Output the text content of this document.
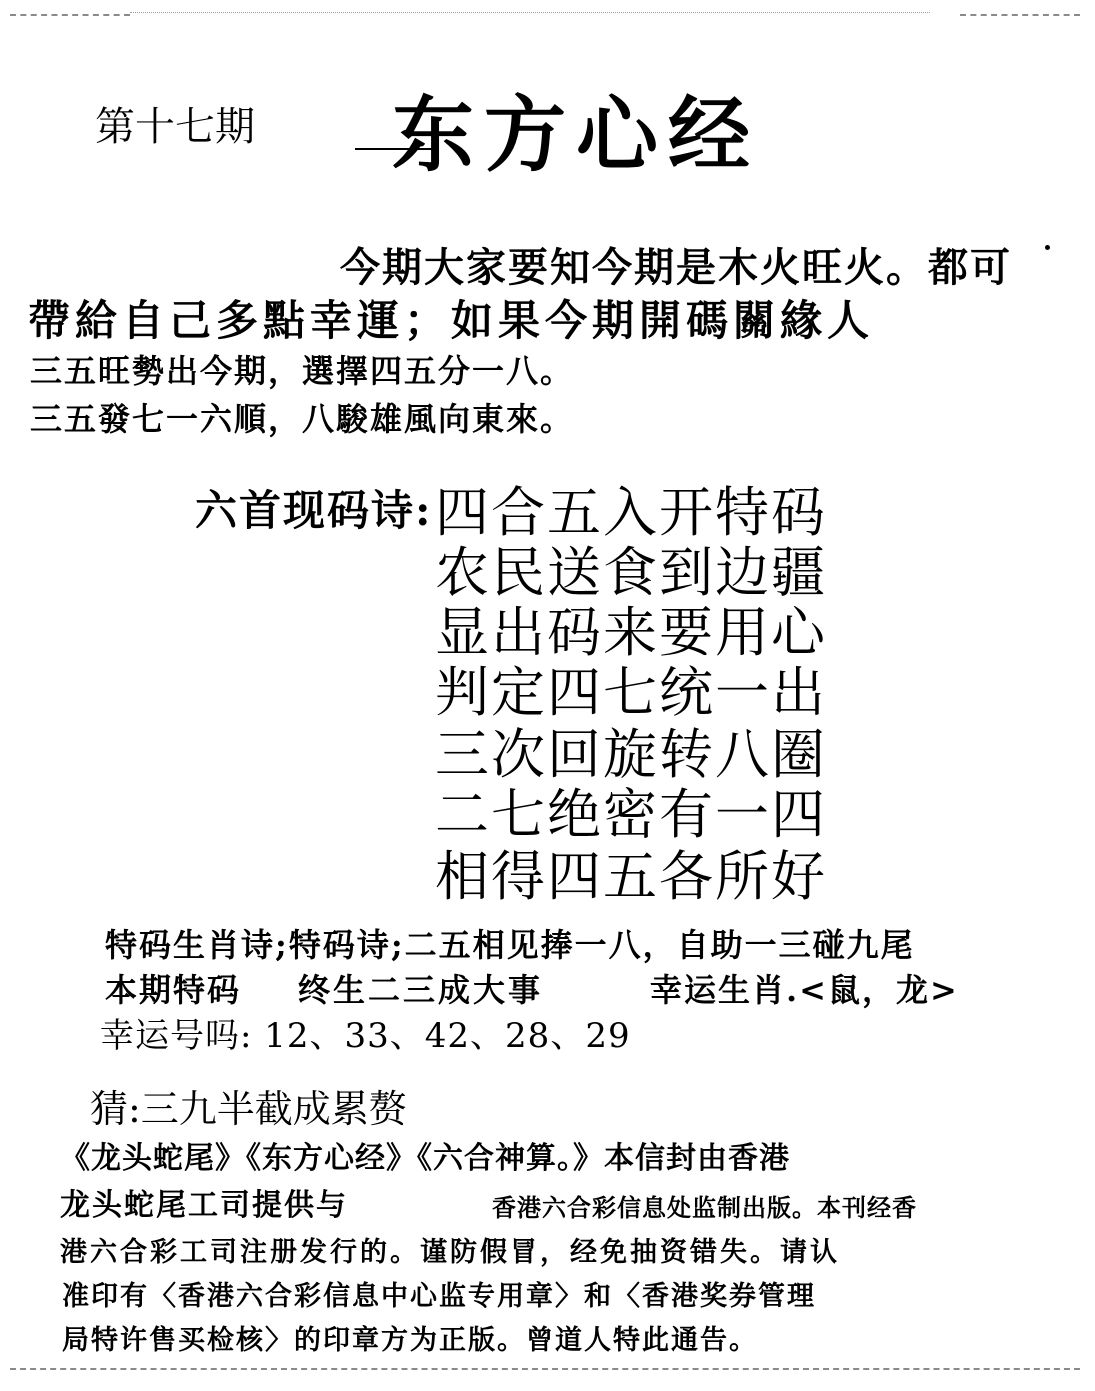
第十七期 东方心经
今期大家要知今期是木火旺火。都可
帶給自己多點幸運；如果今期開碼關緣人
三五旺勢出今期，選擇四五分一八。
三五發七一六順，八駿雄風向東來。
六首现码诗: 四合五入开特码
农民送食到边疆
显出码来要用心
判定四七统一出
三次回旋转八圈
二七绝密有一四
相得四五各所好
特码生肖诗;特码诗;二五相见捧一八，自助一三碰九尾
本期特码 终生二三成大事	幸运生肖.<鼠，龙>
幸运号吗: 12、33、42、28、29
猜:三九半截成累赘
《龙头蛇尾》《东方心经》《六合神算。》本信封由香港
龙头蛇尾工司提供与	香港六合彩信息处监制出版。本刊经香
港六合彩工司注册发行的。谨防假冒，经免抽资错失。请认
准印有〈香港六合彩信息中心监专用章〉和〈香港奖券管理
局特许售买检核〉的印章方为正版。曾道人特此通告。
